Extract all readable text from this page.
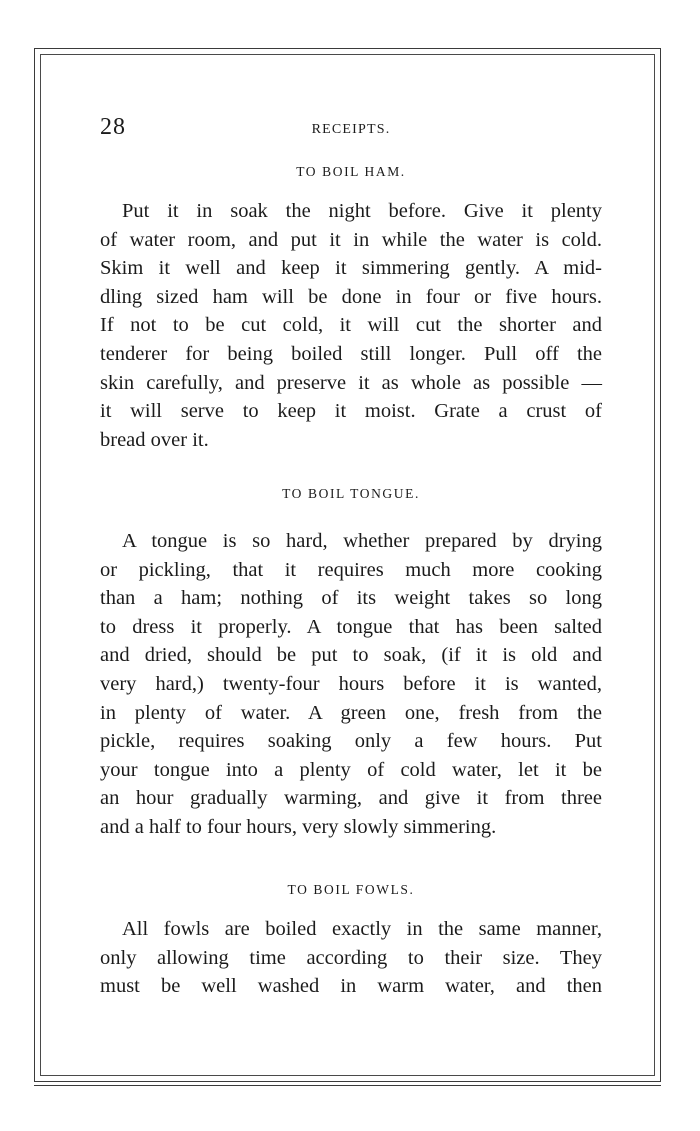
28	RECEIPTS.
TO BOIL HAM.
Put it in soak the night before. Give it plenty
of water room, and put it in while the water is cold.
Skim it well and keep it simmering gently. A mid-
dling sized ham will be done in four or five hours.
If not to be cut cold, it will cut the shorter and
tenderer for being boiled still longer. Pull off the
skin carefully, and preserve it as whole as possible —
it will serve to keep it moist. Grate a crust of
bread over it.
TO BOIL TONGUE.
A tongue is so hard, whether prepared by drying
or pickling, that it requires much more cooking
than a ham; nothing of its weight takes so long
to dress it properly. A tongue that has been salted
and dried, should be put to soak, (if it is old and
very hard,) twenty-four hours before it is wanted,
in plenty of water. A green one, fresh from the
pickle, requires soaking only a few hours. Put
your tongue into a plenty of cold water, let it be
an hour gradually warming, and give it from three
and a half to four hours, very slowly simmering.
TO BOIL FOWLS.
All fowls are boiled exactly in the same manner,
only allowing time according to their size. They
must be well washed in warm water, and then
